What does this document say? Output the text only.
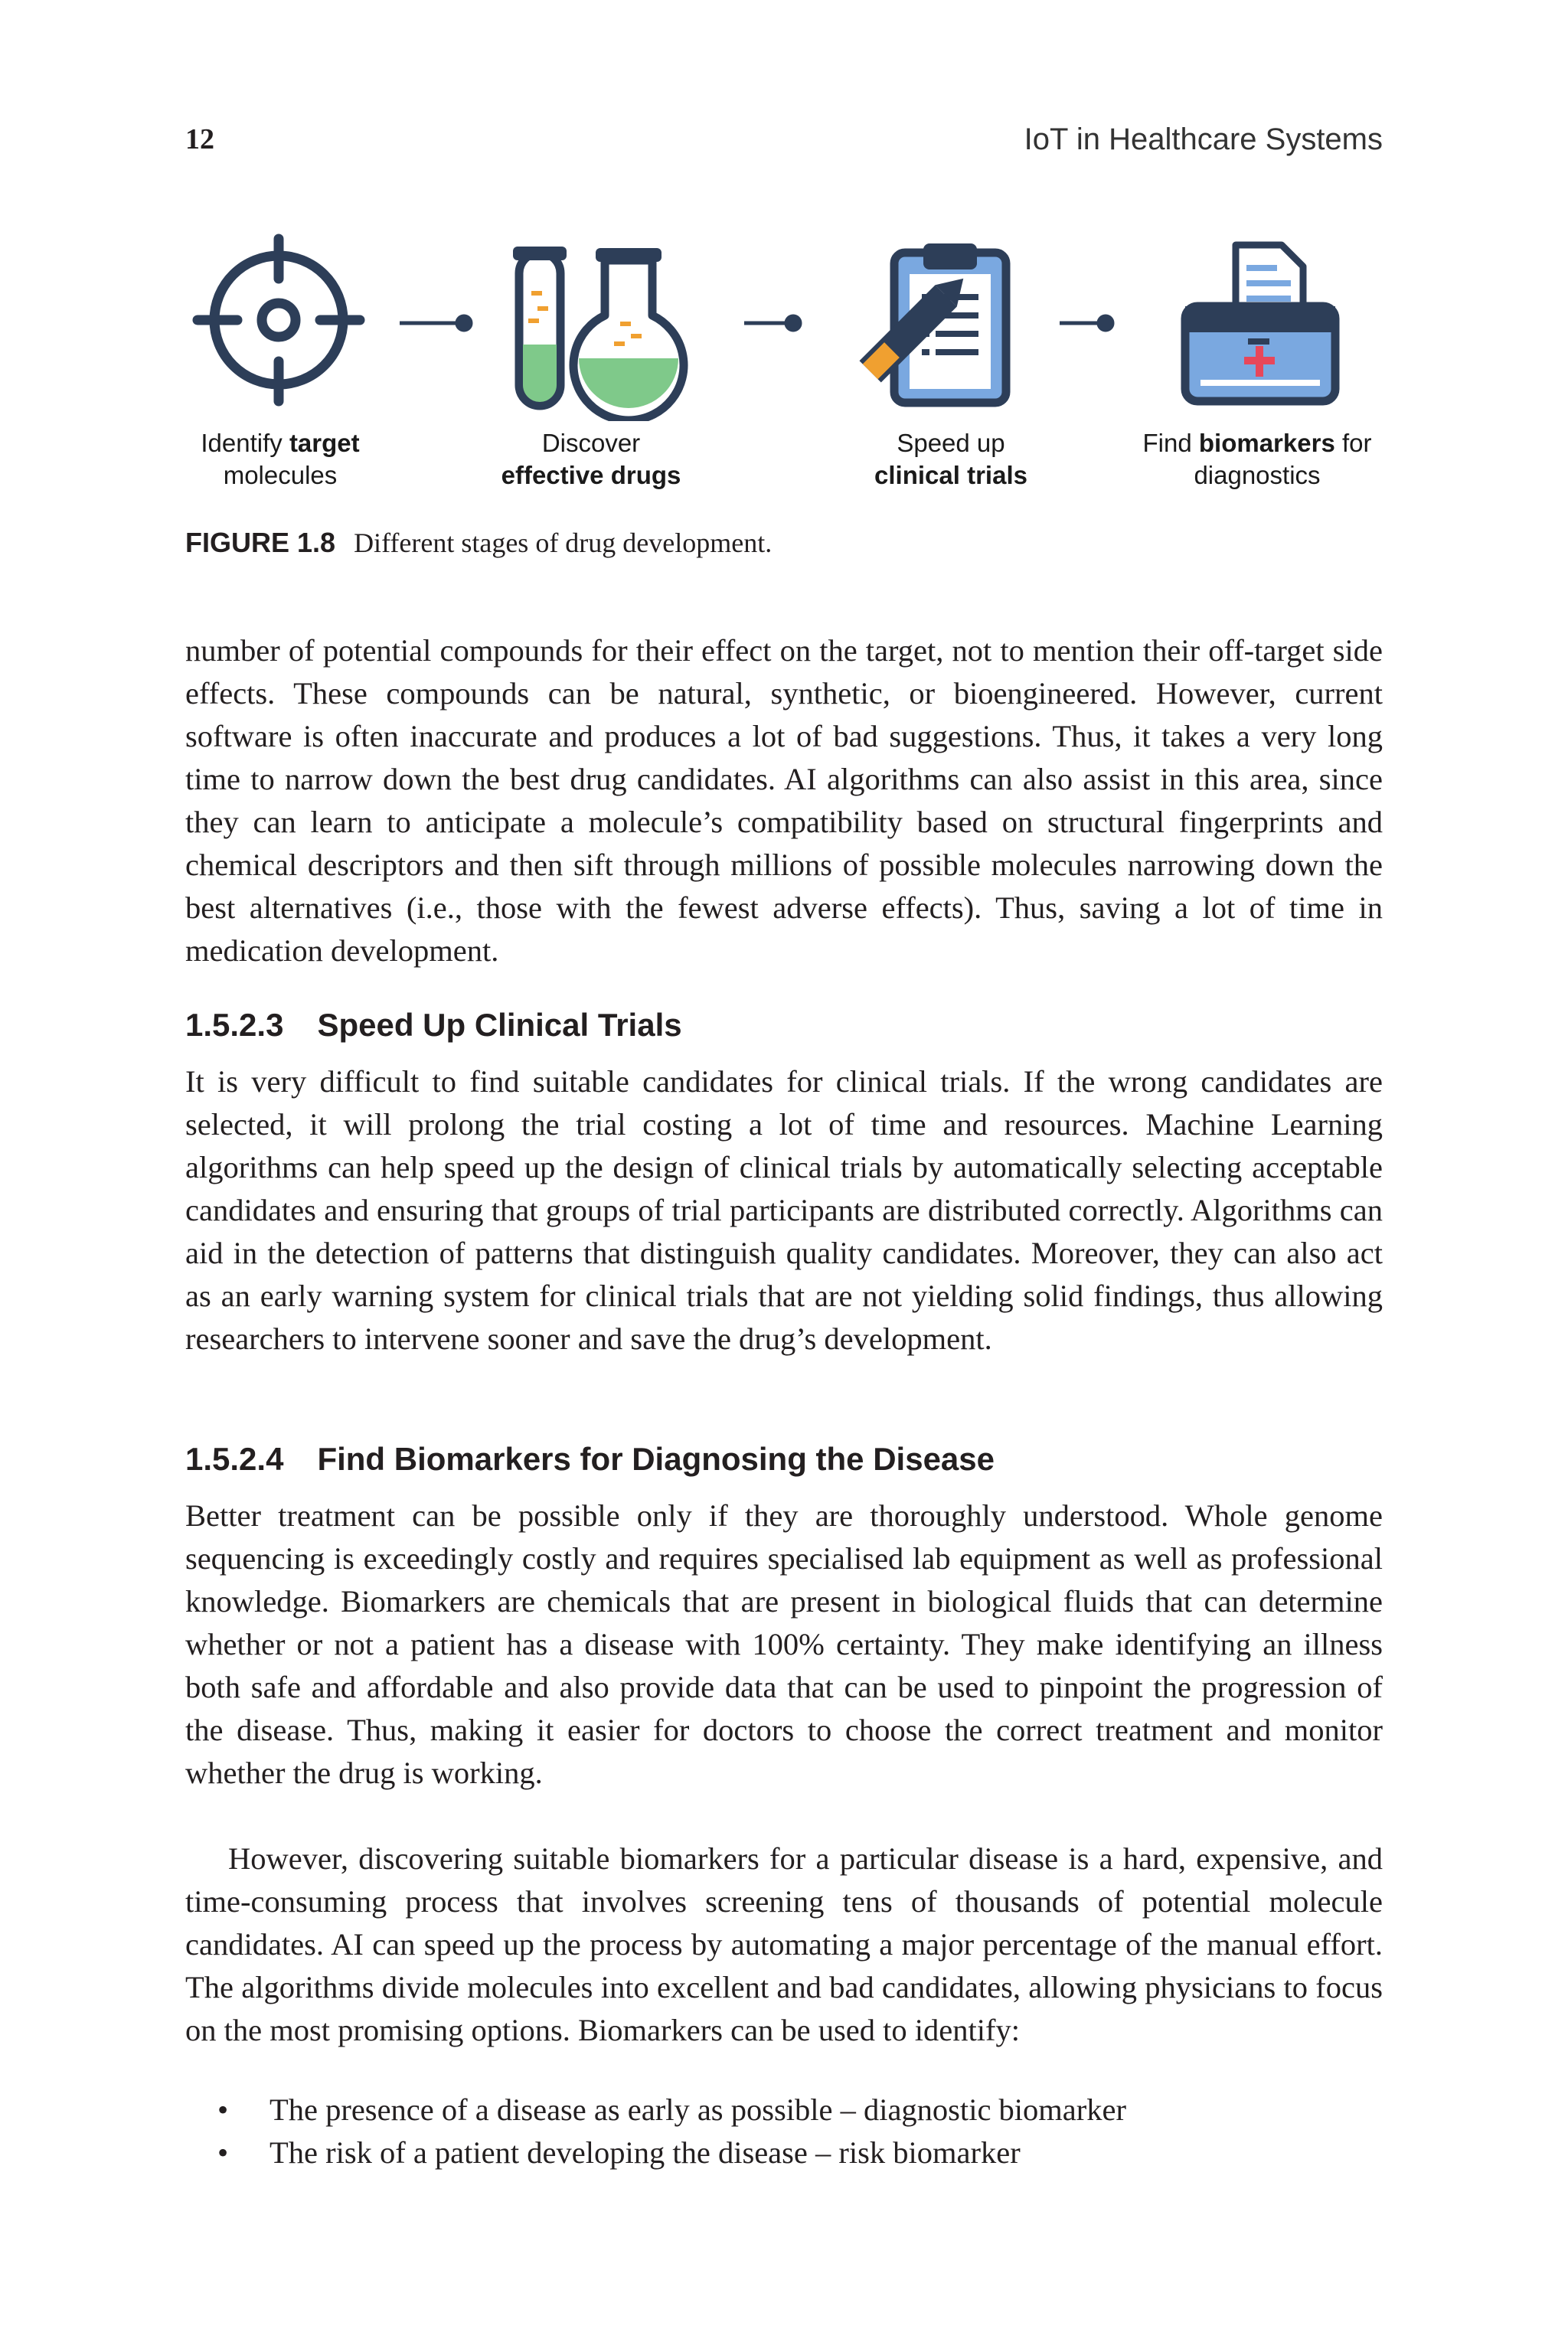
12	IoT in Healthcare Systems
Identify target
molecules
Discover
effective drugs
Speed up
clinical trials
Find biomarkers for
diagnostics
FIGURE 1.8 Different stages of drug development.

number of potential compounds for their effect on the target, not to mention their off-target side effects. These compounds can be natural, synthetic, or bioengineered. However, current software is often inaccurate and produces a lot of bad suggestions. Thus, it takes a very long time to narrow down the best drug candidates. AI algorithms can also assist in this area, since they can learn to anticipate a molecule’s compatibility based on structural fingerprints and chemical descriptors and then sift through millions of possible molecules narrowing down the best alternatives (i.e., those with the fewest adverse effects). Thus, saving a lot of time in medication development.

1.5.2.3 Speed Up Clinical Trials

It is very difficult to find suitable candidates for clinical trials. If the wrong candidates are selected, it will prolong the trial costing a lot of time and resources. Machine Learning algorithms can help speed up the design of clinical trials by automatically selecting acceptable candidates and ensuring that groups of trial participants are distributed correctly. Algorithms can aid in the detection of patterns that distinguish quality candidates. Moreover, they can also act as an early warning system for clinical trials that are not yielding solid findings, thus allowing researchers to intervene sooner and save the drug’s development.

1.5.2.4 Find Biomarkers for Diagnosing the Disease

Better treatment can be possible only if they are thoroughly understood. Whole genome sequencing is exceedingly costly and requires specialised lab equipment as well as professional knowledge. Biomarkers are chemicals that are present in biological fluids that can determine whether or not a patient has a disease with 100% certainty. They make identifying an illness both safe and affordable and also provide data that can be used to pinpoint the progression of the disease. Thus, making it easier for doctors to choose the correct treatment and monitor whether the drug is working.

However, discovering suitable biomarkers for a particular disease is a hard, expensive, and time-consuming process that involves screening tens of thousands of potential molecule candidates. AI can speed up the process by automating a major percentage of the manual effort. The algorithms divide molecules into excellent and bad candidates, allowing physicians to focus on the most promising options. Biomarkers can be used to identify:

• The presence of a disease as early as possible – diagnostic biomarker
• The risk of a patient developing the disease – risk biomarker
